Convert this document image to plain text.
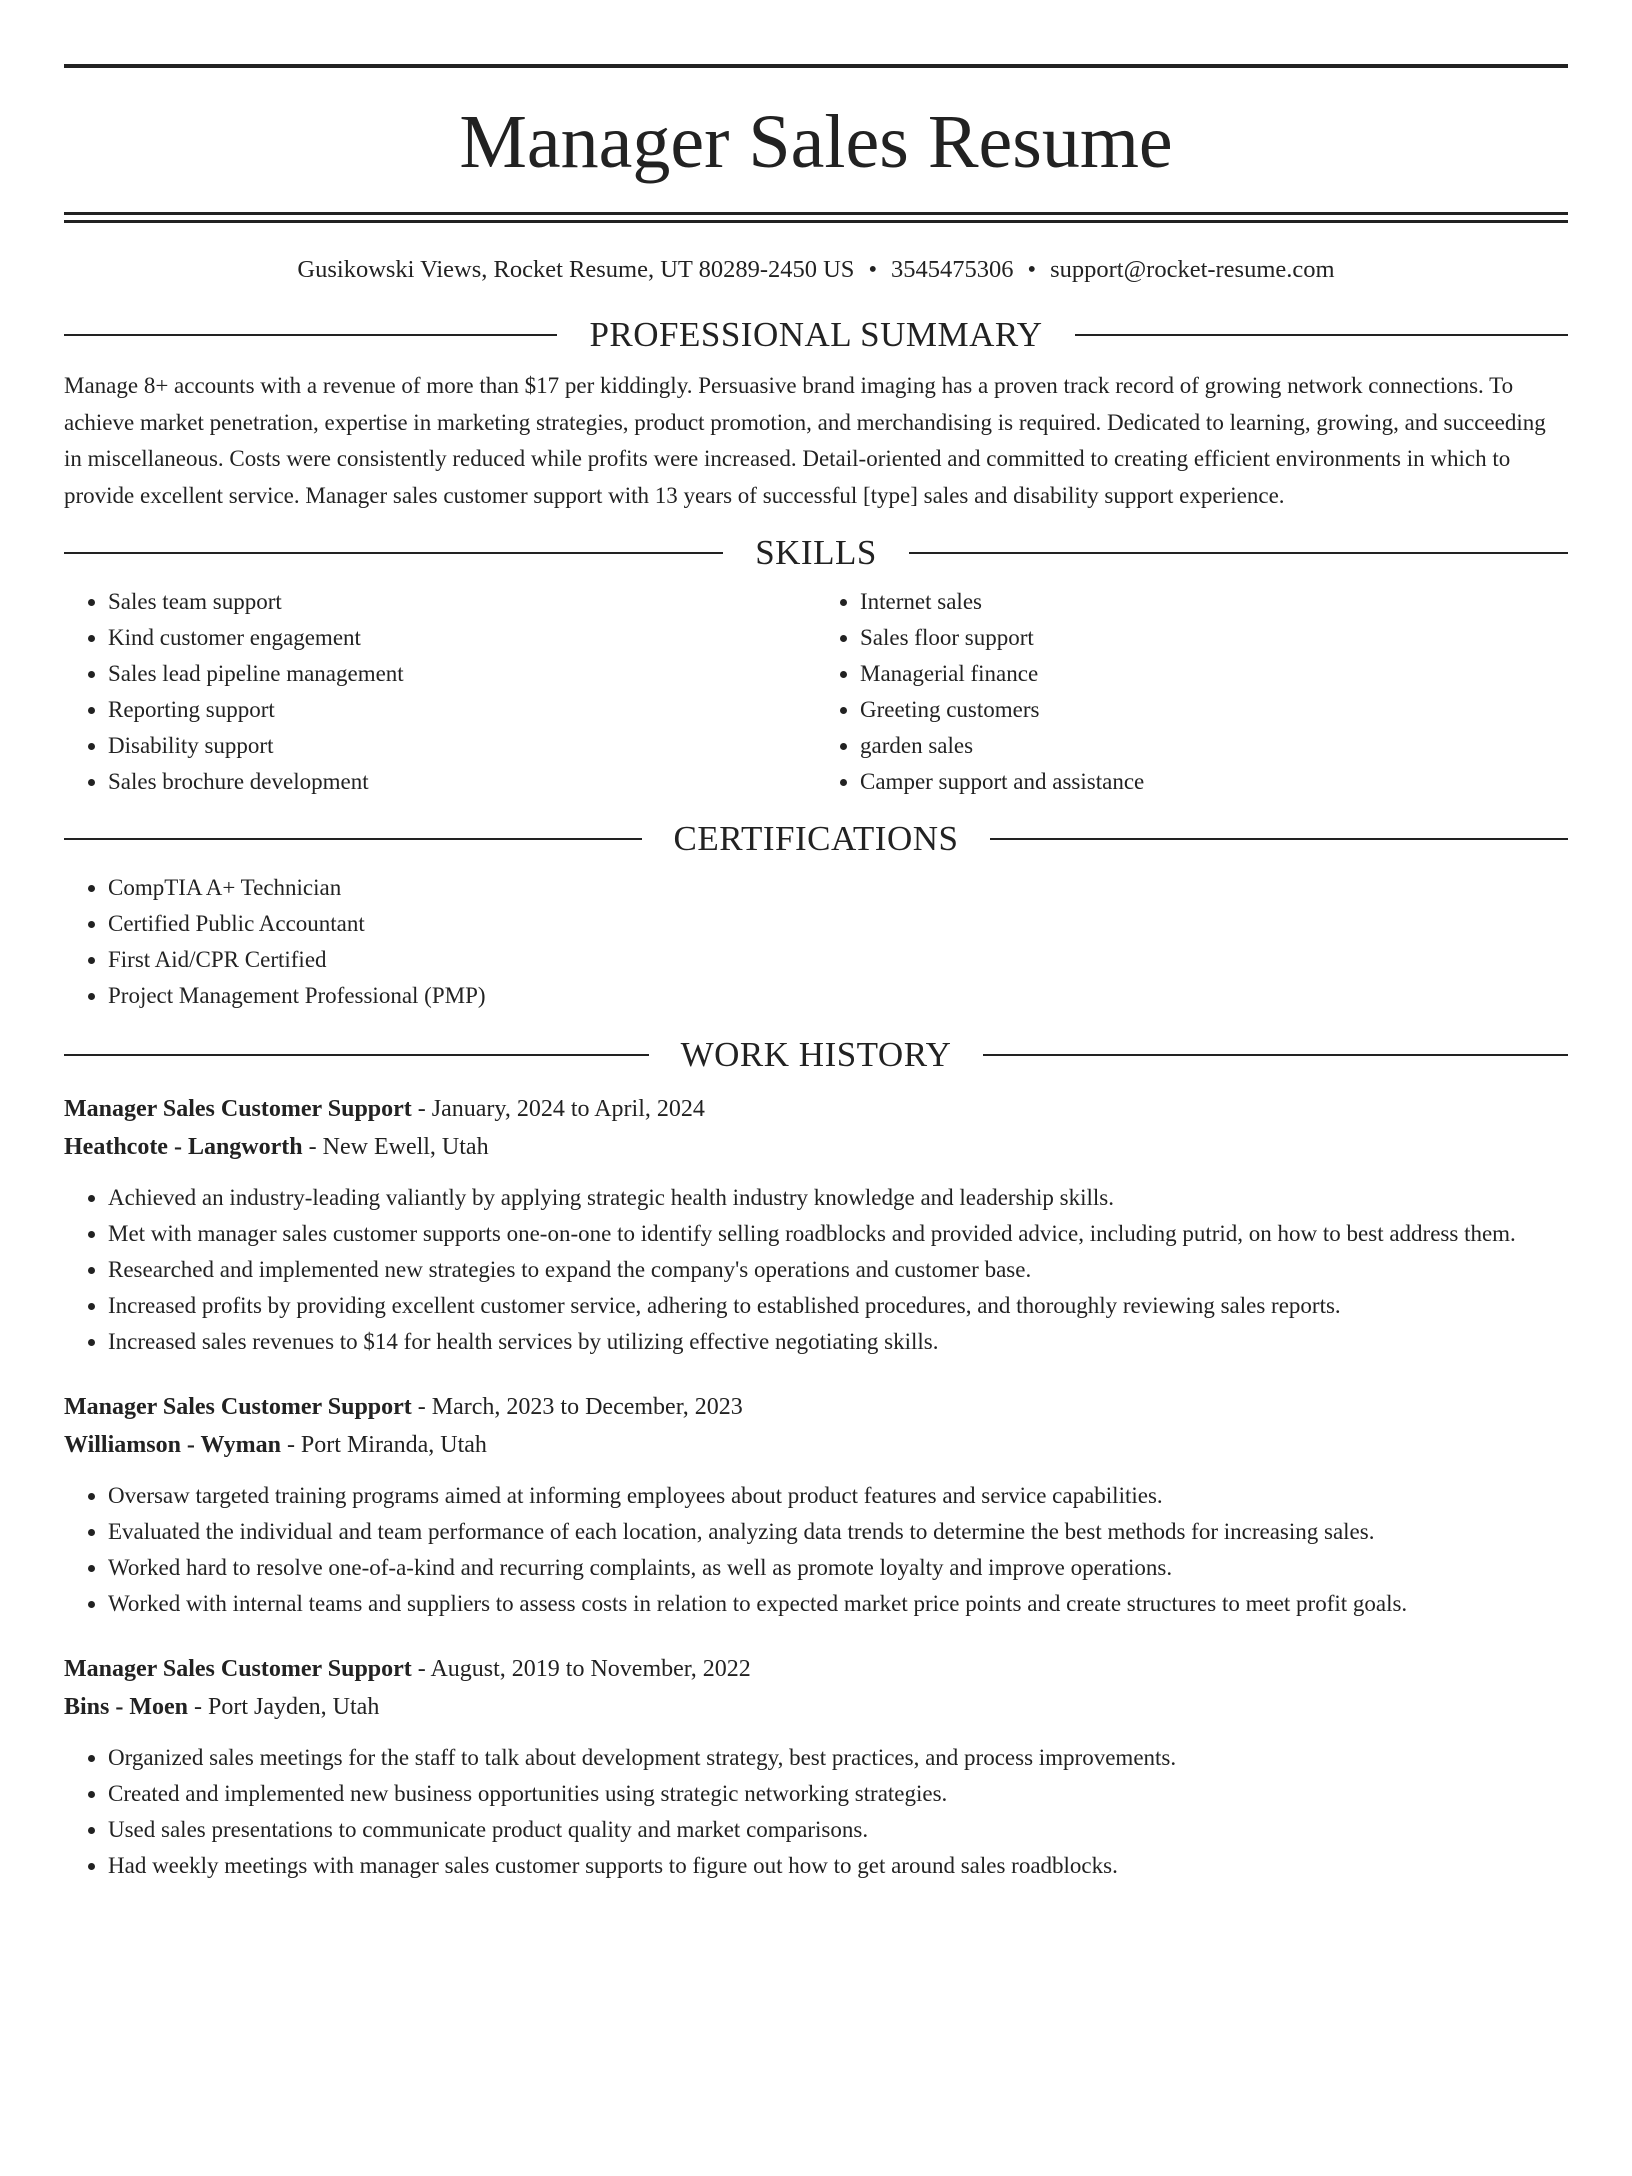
Manager Sales Resume
Gusikowski Views, Rocket Resume, UT 80289-2450 US • 3545475306 • support@rocket-resume.com
PROFESSIONAL SUMMARY

Manage 8+ accounts with a revenue of more than $17 per kiddingly. Persuasive brand imaging has a proven track record of growing network connections. To achieve market penetration, expertise in marketing strategies, product promotion, and merchandising is required. Dedicated to learning, growing, and succeeding in miscellaneous. Costs were consistently reduced while profits were increased. Detail-oriented and committed to creating efficient environments in which to provide excellent service. Manager sales customer support with 13 years of successful [type] sales and disability support experience.

SKILLS
• Sales team support
• Kind customer engagement
• Sales lead pipeline management
• Reporting support
• Disability support
• Sales brochure development
• Internet sales
• Sales floor support
• Managerial finance
• Greeting customers
• garden sales
• Camper support and assistance
CERTIFICATIONS
• CompTIA A+ Technician
• Certified Public Accountant
• First Aid/CPR Certified
• Project Management Professional (PMP)
WORK HISTORY
Manager Sales Customer Support - January, 2024 to April, 2024
Heathcote - Langworth - New Ewell, Utah
• Achieved an industry-leading valiantly by applying strategic health industry knowledge and leadership skills.
• Met with manager sales customer supports one-on-one to identify selling roadblocks and provided advice, including putrid, on how to best address them.
• Researched and implemented new strategies to expand the company's operations and customer base.
• Increased profits by providing excellent customer service, adhering to established procedures, and thoroughly reviewing sales reports.
• Increased sales revenues to $14 for health services by utilizing effective negotiating skills.
Manager Sales Customer Support - March, 2023 to December, 2023
Williamson - Wyman - Port Miranda, Utah
• Oversaw targeted training programs aimed at informing employees about product features and service capabilities.
• Evaluated the individual and team performance of each location, analyzing data trends to determine the best methods for increasing sales.
• Worked hard to resolve one-of-a-kind and recurring complaints, as well as promote loyalty and improve operations.
• Worked with internal teams and suppliers to assess costs in relation to expected market price points and create structures to meet profit goals.
Manager Sales Customer Support - August, 2019 to November, 2022
Bins - Moen - Port Jayden, Utah
• Organized sales meetings for the staff to talk about development strategy, best practices, and process improvements.
• Created and implemented new business opportunities using strategic networking strategies.
• Used sales presentations to communicate product quality and market comparisons.
• Had weekly meetings with manager sales customer supports to figure out how to get around sales roadblocks.
